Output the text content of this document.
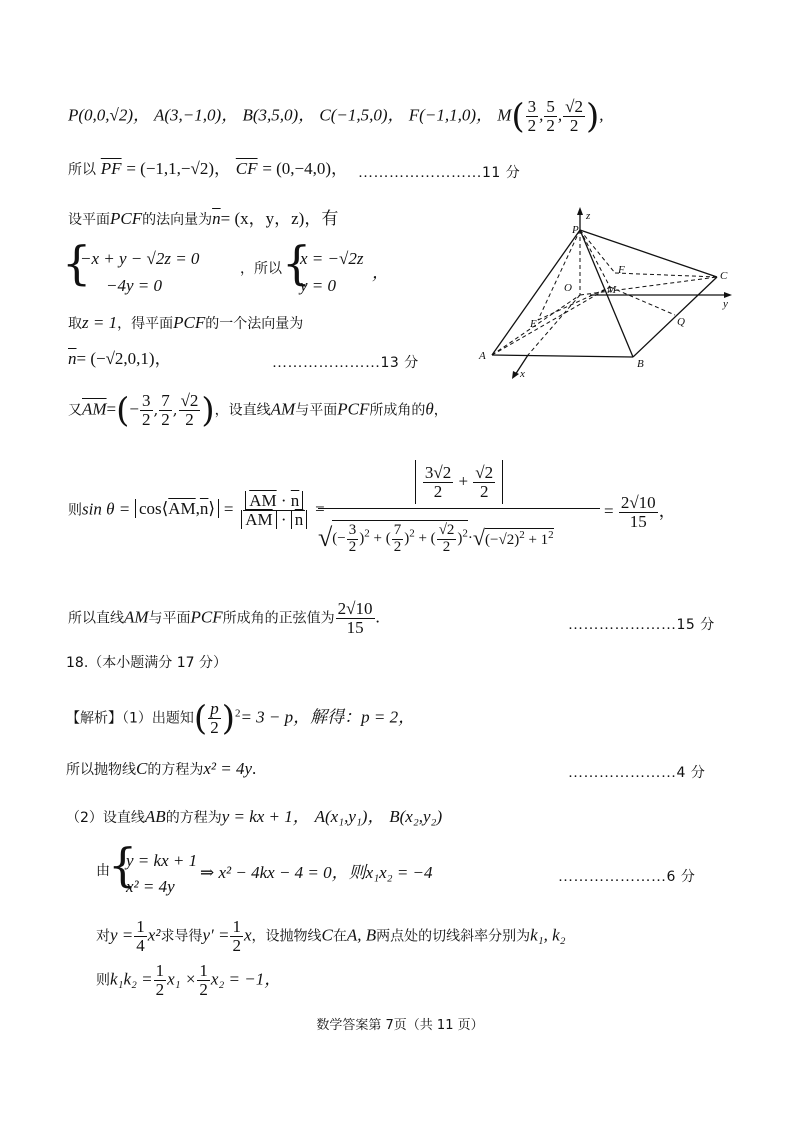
P(0,0,√2)， A(3,−1,0)， B(3,5,0)， C(−1,5,0)， F(−1,1,0)， $M( \frac{3}{2}$ , $\frac{5}{2}$ , $\frac{√2}{2}$ ),
所以 $\overline{PF} = (-1,1,-√2)$， $\overline{CF} = (0,-4,0)$， ……………………11 分
设平面PCF的法向量为$\overline{n}= (x$，y，z)，有
{
−x + y − √2z = 0
−4y = 0
，所以 {
x = −√2z
y = 0
，
取z = 1，得平面PCF的一个法向量为
$\overline{n}= (-√2,0,1)$，	…………………13 分
又$\overline{AM}=(- \frac{3}{2}$ , $\frac{7}{2}$ , $\frac{√2}{2}$ )，设直线AM与平面PCF所成角的θ，
则$\sin \theta = \cos⟨\overline{AM},\overline{n}⟩ = \frac{\overline{AM} \cdot \overline{n}}{\overline{AM} \cdot \overline{n}}$ =
$\frac{\frac{3√2}{2} + \frac{√2}{2}}{√ (- \frac{3}{2} )^2 + ( \frac{7}{2} )^2 + ( \frac{√2}{2} )^2 \cdot √ (-√2)^2 + 1^2} = \frac{2√10}{15}$ ，
所以直线AM与平面PCF所成角的正弦值为 $\frac{2√10}{15}$ .	…………………15 分
18.（本小题满分 17 分）
【解析】（1）出题知( $\frac{p}{2} )^2= 3 - p$，解得：p = 2，
所以抛物线C的方程为x² = 4y.	…………………4 分
（2）设直线AB的方程为y = kx + 1， A(x₁,y₁)， B(x₂,y₂)
由
{
y = kx + 1
x² = 4y
⇒ x² − 4kx − 4 = 0，则x₁x₂ = −4	…………………6 分
对$y = \frac{1}{4} x^2$求导得$y' = \frac{1}{2}$ x，设抛物线C在A, B两点处的切线斜率分别为k₁, k₂
则$k_1k_2 = \frac{1}{2} x_1 \times \frac{1}{2} x_2 = -1$，
z
P
F	C
O	M
y
E	Q
A
B
x
数学答案第 7页（共 11 页）
